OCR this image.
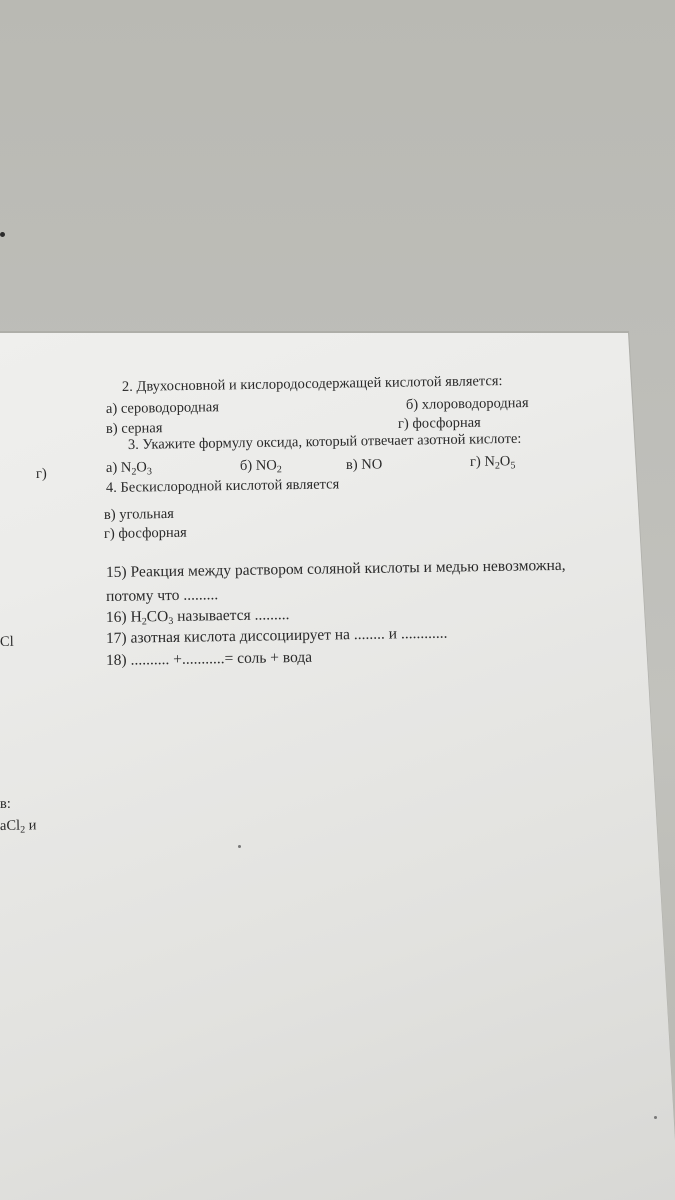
г)
Cl
в:
aCl$_2$ и
2. Двухосновной и кислородосодержащей кислотой является:
а) сероводородная	б) хлороводородная
в) серная	г) фосфорная
3. Укажите формулу оксида, который отвечает азотной кислоте:
а) $N_2O_3$	б) $NO_2$	в) NO	г) $N_2O_5$
4. Бескислородной кислотой является
в) угольная
г) фосфорная
15) Реакция между раствором соляной кислоты и медью невозможна,
потому что .........
16) $H_2CO_3$ называется .........
17) азотная кислота диссоциирует на ........ и ............
18) .......... +...........= соль + вода
